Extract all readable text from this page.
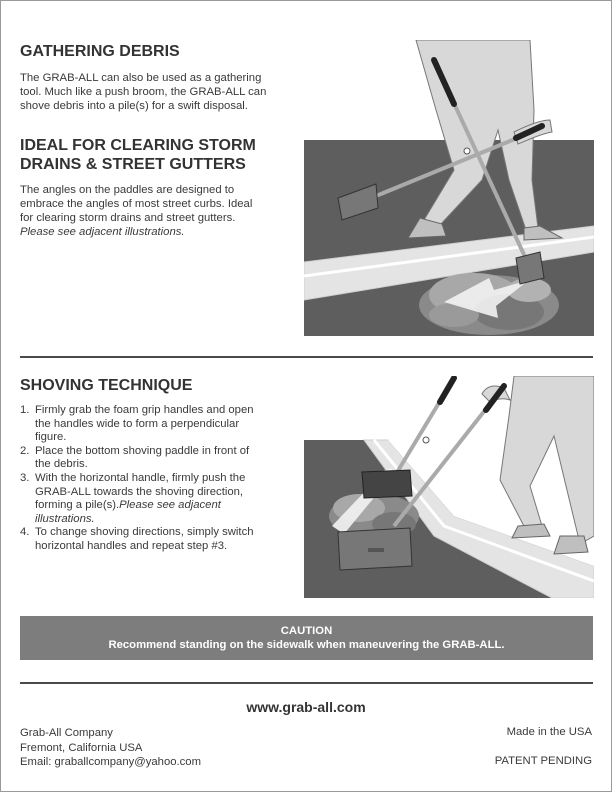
GATHERING DEBRIS

The GRAB-ALL can also be used as a gathering
tool. Much like a push broom, the GRAB-ALL can
shove debris into a pile(s) for a swift disposal.

IDEAL FOR CLEARING STORM
DRAINS & STREET GUTTERS

The angles on the paddles are designed to
embrace the angles of most street curbs. Ideal
for clearing storm drains and street gutters.
Please see adjacent illustrations.

SHOVING TECHNIQUE
1. Firmly grab the foam grip handles and open
the handles wide to form a perpendicular
figure.
2. Place the bottom shoving paddle in front of
the debris.
3. With the horizontal handle, firmly push the
GRAB-ALL towards the shoving direction,
forming a pile(s).Please see adjacent
illustrations.
4. To change shoving directions, simply switch
horizontal handles and repeat step #3.
CAUTION
Recommend standing on the sidewalk when maneuvering the GRAB-ALL.
www.grab-all.com
Grab-All Company
Fremont, California USA
Email: graballcompany@yahoo.com
Made in the USA
PATENT PENDING
